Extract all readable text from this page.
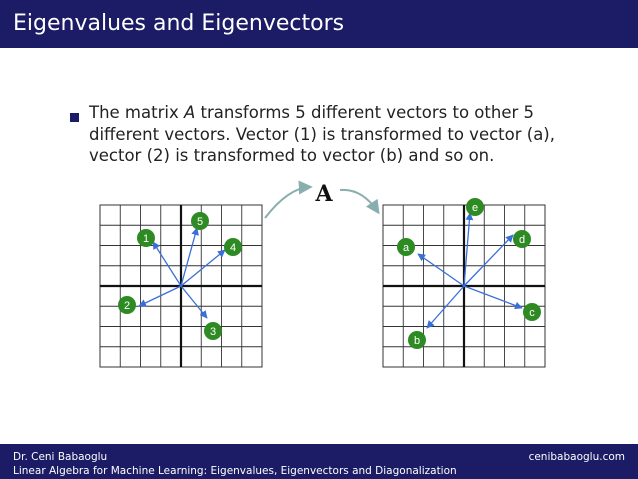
Eigenvalues and Eigenvectors
The matrix A transforms 5 different vectors to other 5
different vectors. Vector (1) is transformed to vector (a),
vector (2) is transformed to vector (b) and so on.
A
1
2
3
4
5
a
b
c
d
e
Dr. Ceni Babaoglu	cenibabaoglu.com
Linear Algebra for Machine Learning: Eigenvalues, Eigenvectors and Diagonalization
